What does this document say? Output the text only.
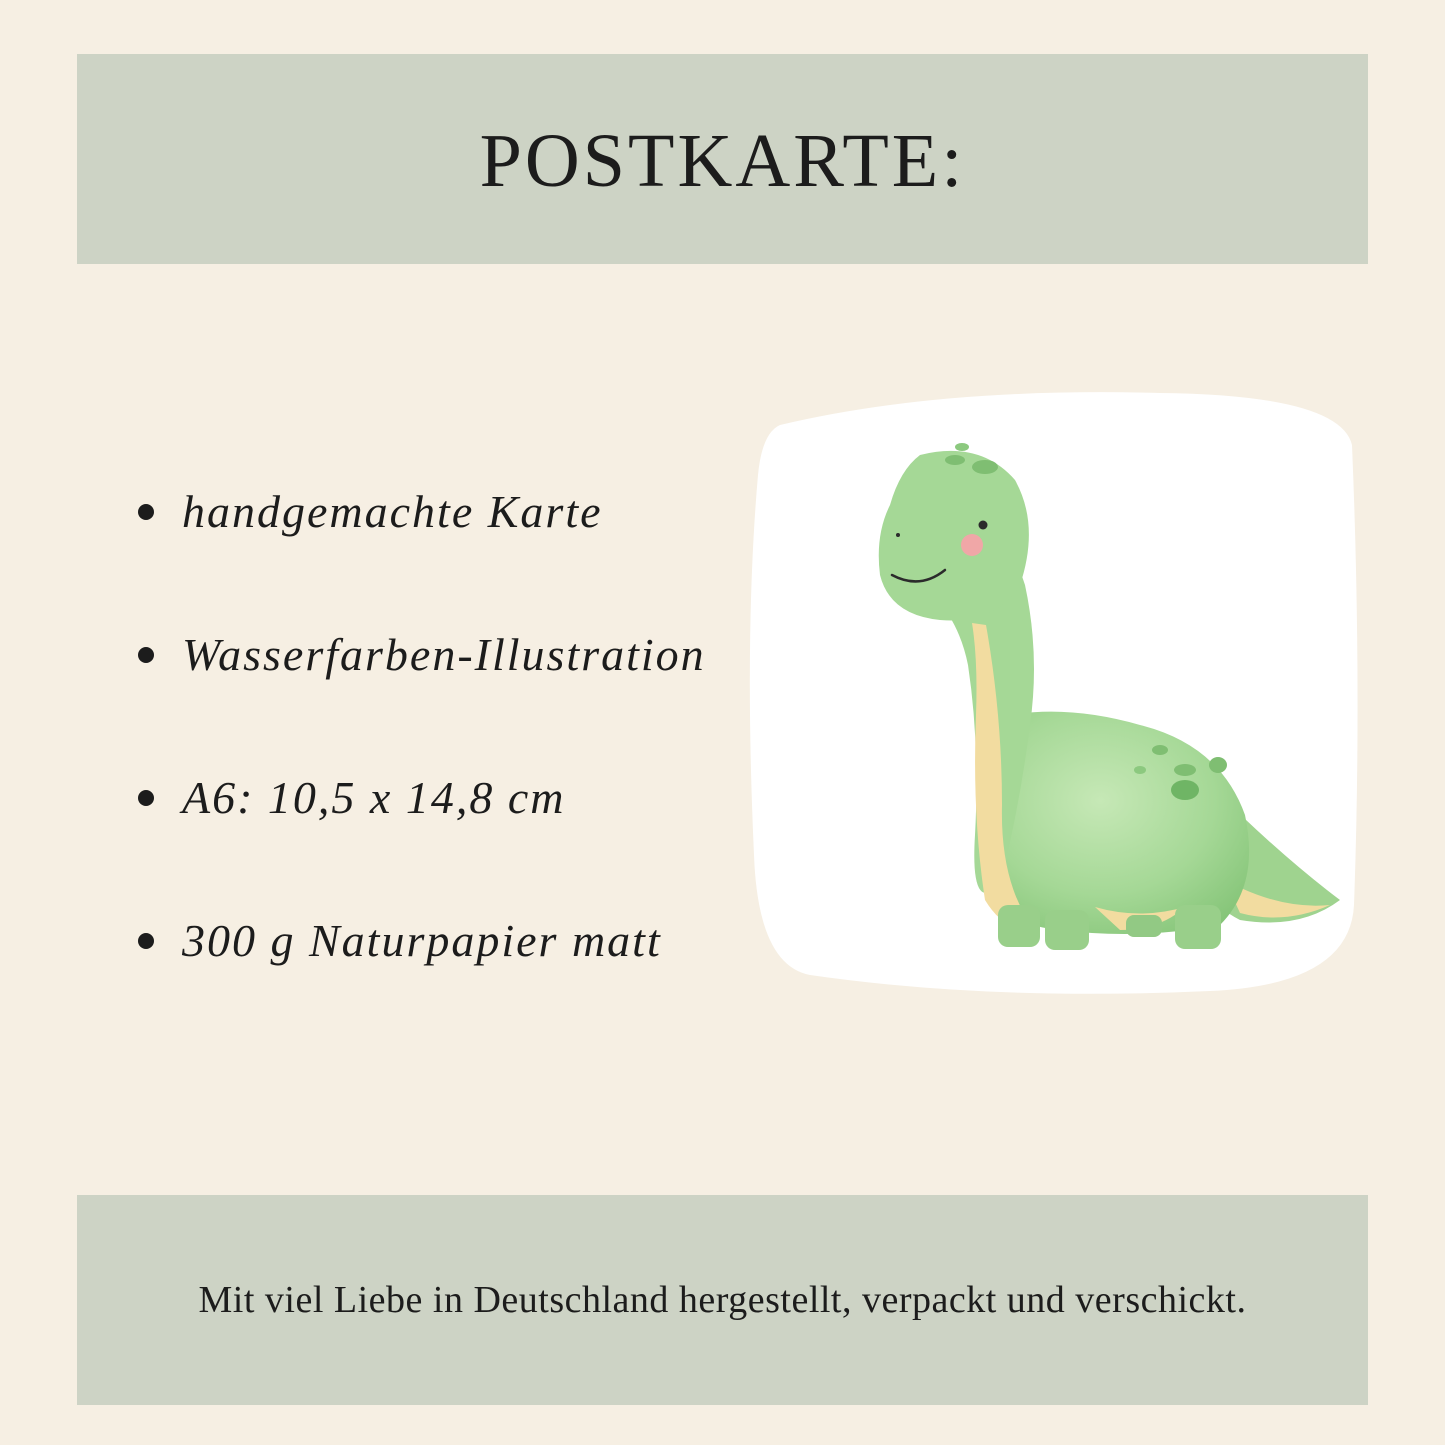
POSTKARTE:
handgemachte Karte
Wasserfarben-Illustration
A6: 10,5 x 14,8 cm
300 g Naturpapier matt
Mit viel Liebe in Deutschland hergestellt, verpackt und verschickt.
